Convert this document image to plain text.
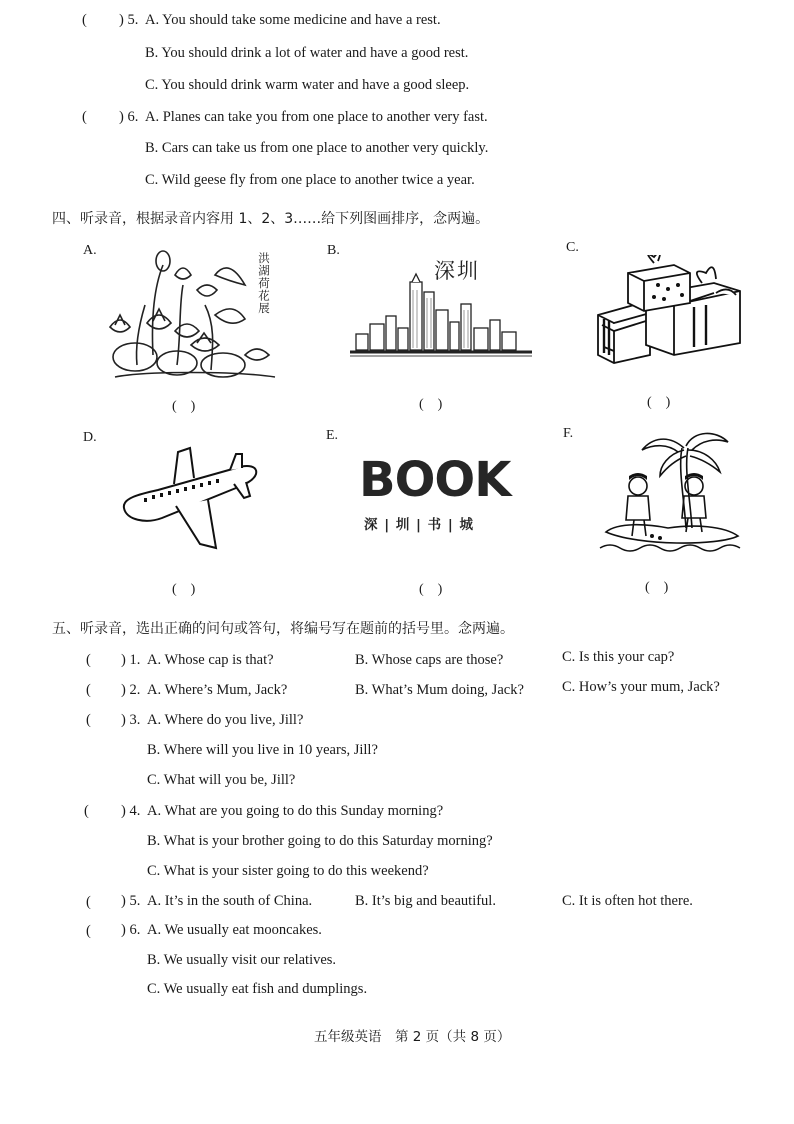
( ) 5. A. You should take some medicine and have a rest.
B. You should drink a lot of water and have a good rest.
C. You should drink warm water and have a good sleep.
( ) 6. A. Planes can take you from one place to another very fast.
B. Cars can take us from one place to another very quickly.
C. Wild geese fly from one place to another twice a year.
四、听录音，根据录音内容用 1、2、3……给下列图画排序，念两遍。
A.
洪湖荷花展
(    )
B.
深圳
(    )
C.
(    )
D.
(    )
E.
BOOK
深 | 圳 | 书 | 城
(    )
F.
(    )
五、听录音，选出正确的问句或答句，将编号写在题前的括号里。念两遍。
( ) 1. A. Whose cap is that?	B. Whose caps are those?	C. Is this your cap?
( ) 2. A. Where’s Mum, Jack?	B. What’s Mum doing, Jack?	C. How’s your mum, Jack?
( ) 3. A. Where do you live, Jill?
B. Where will you live in 10 years, Jill?
C. What will you be, Jill?
( ) 4. A. What are you going to do this Sunday morning?
B. What is your brother going to do this Saturday morning?
C. What is your sister going to do this weekend?
( ) 5. A. It’s in the south of China.	B. It’s big and beautiful.	C. It is often hot there.
( ) 6. A. We usually eat mooncakes.
B. We usually visit our relatives.
C. We usually eat fish and dumplings.
五年级英语　第 2 页（共 8 页）
